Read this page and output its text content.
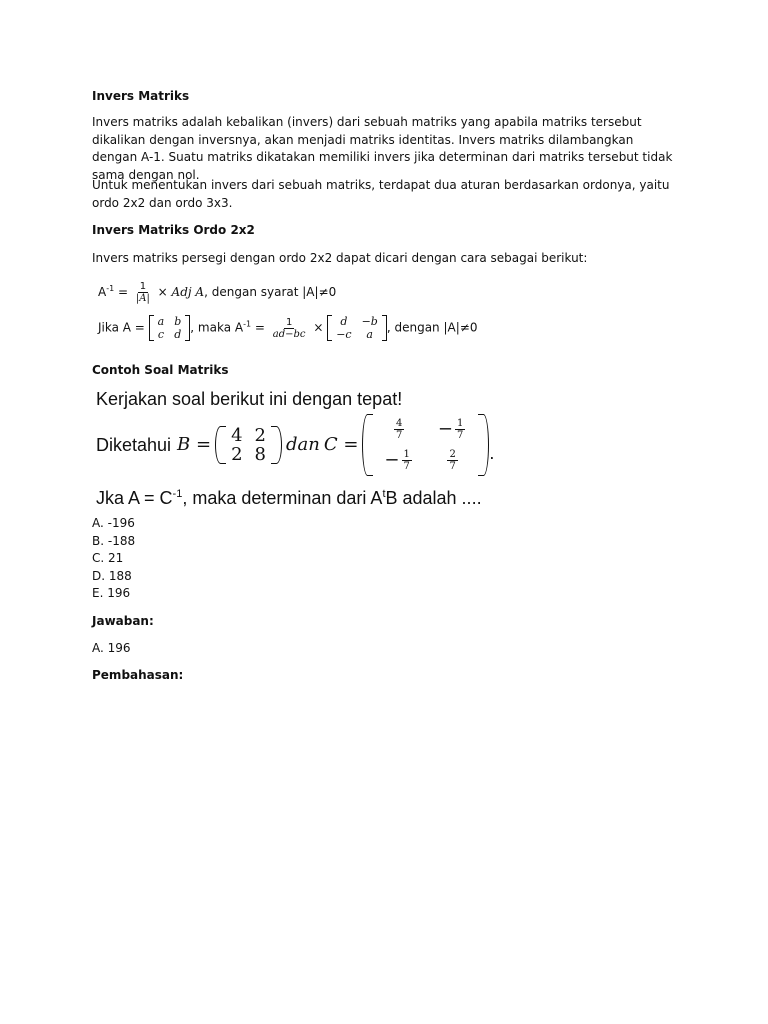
Invers Matriks

Invers matriks adalah kebalikan (invers) dari sebuah matriks yang apabila matriks tersebut dikalikan dengan inversnya, akan menjadi matriks identitas. Invers matriks dilambangkan dengan A-1. Suatu matriks dikatakan memiliki invers jika determinan dari matriks tersebut tidak sama dengan nol.

Untuk menentukan invers dari sebuah matriks, terdapat dua aturan berdasarkan ordonya, yaitu ordo 2x2 dan ordo 3x3.

Invers Matriks Ordo 2x2

Invers matriks persegi dengan ordo 2x2 dapat dicari dengan cara sebagai berikut:

$A^{-1} = \frac{1}{|A|}$ × Adj A, dengan syarat |A|≠0
Jika A = a	b
c	d , maka $A^{-1} = \frac{1}{ad-bc} \times d$	−b
−c	a , dengan |A|≠0

Contoh Soal Matriks

Kerjakan soal berikut ini dengan tepat!
Diketahui B = 4	2
2	8 dan C =
$\frac{4}{7}$	− $\frac{1}{7}$

− $\frac{1}{7}$	$\frac{2}{7}$ .
Jka $A = C^{-1}$, maka determinan dari $A^tB$ adalah ....
A. -196
B. -188
C. 21
D. 188
E. 196

Jawaban:

A. 196

Pembahasan:
